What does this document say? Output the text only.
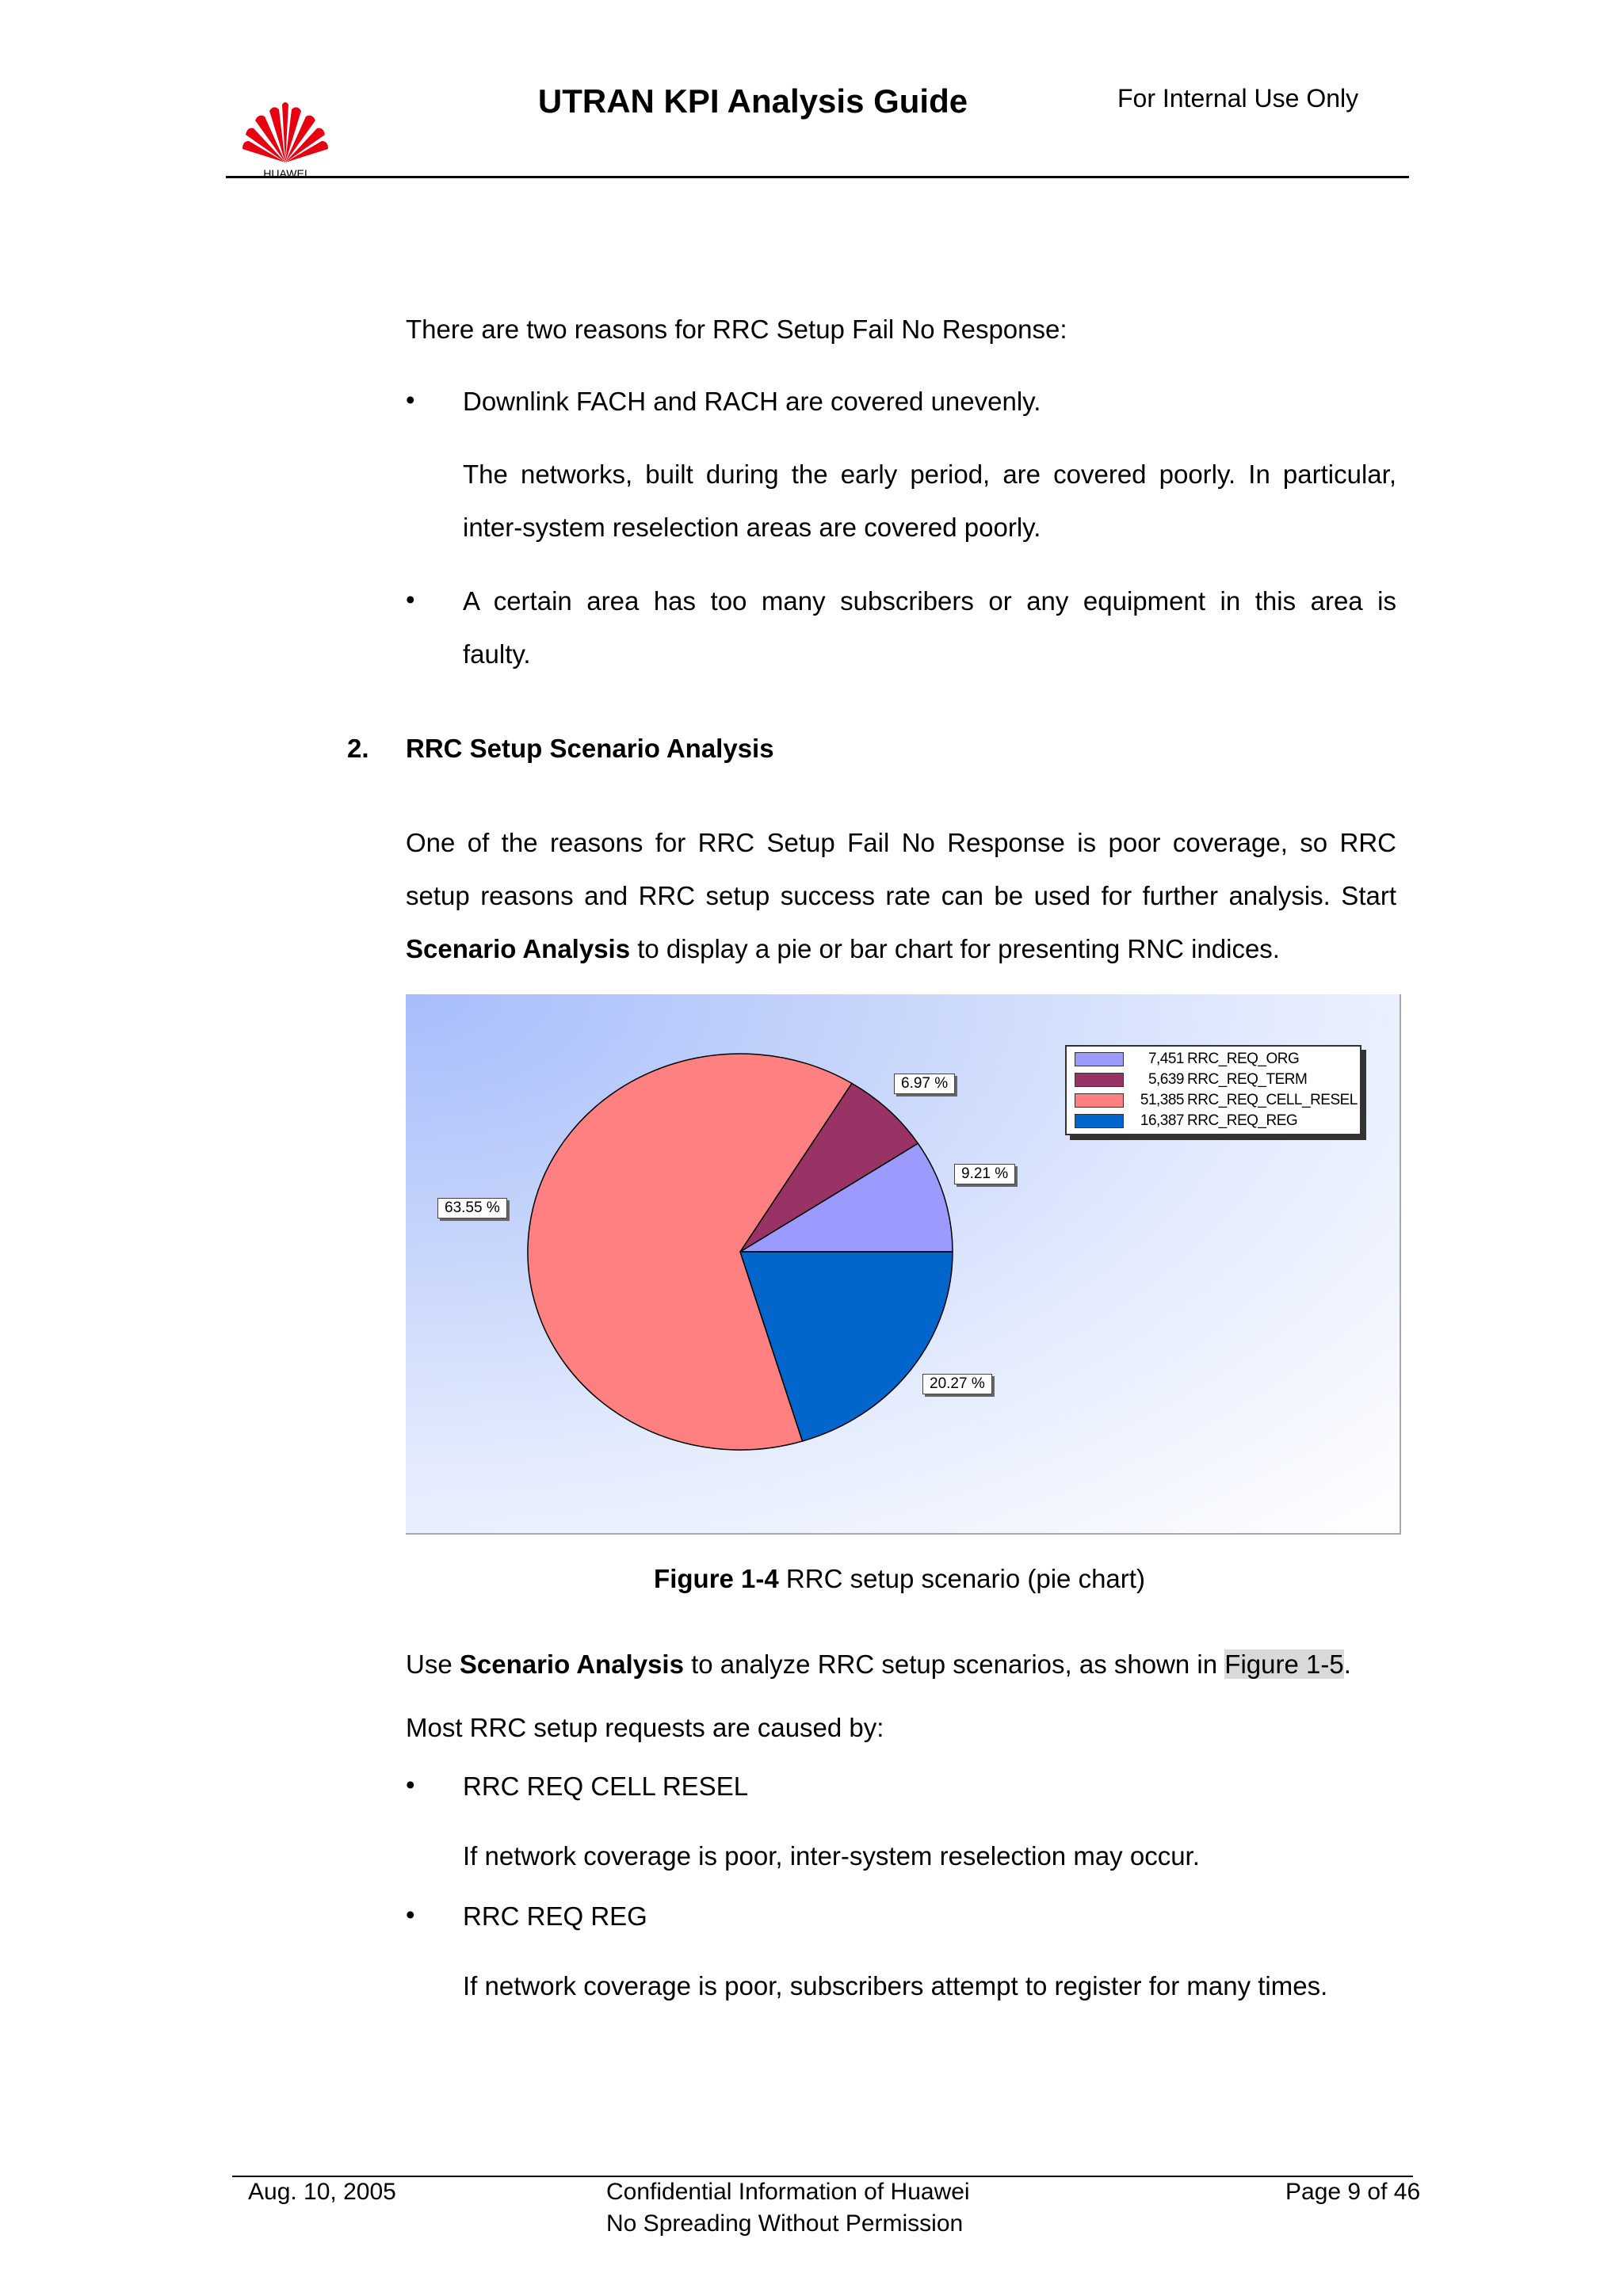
HUAWEI
UTRAN KPI Analysis Guide	For Internal Use Only
There are two reasons for RRC Setup Fail No Response:
• Downlink FACH and RACH are covered unevenly.
The networks, built during the early period, are covered poorly. In particular,
inter-system reselection areas are covered poorly.
• A certain area has too many subscribers or any equipment in this area is
faulty.
2. RRC Setup Scenario Analysis
One of the reasons for RRC Setup Fail No Response is poor coverage, so RRC
setup reasons and RRC setup success rate can be used for further analysis. Start
Scenario Analysis to display a pie or bar chart for presenting RNC indices.
7,451 RRC_REQ_ORG
5,639 RRC_REQ_TERM
51,385 RRC_REQ_CELL_RESEL
16,387 RRC_REQ_REG
6.97 %
9.21 %
63.55 %
20.27 %
Figure 1-4 RRC setup scenario (pie chart)
Use Scenario Analysis to analyze RRC setup scenarios, as shown in Figure 1-5.
Most RRC setup requests are caused by:
• RRC REQ CELL RESEL
If network coverage is poor, inter-system reselection may occur.
• RRC REQ REG
If network coverage is poor, subscribers attempt to register for many times.
Aug. 10, 2005	Confidential Information of Huawei
No Spreading Without Permission
Page 9 of 46
